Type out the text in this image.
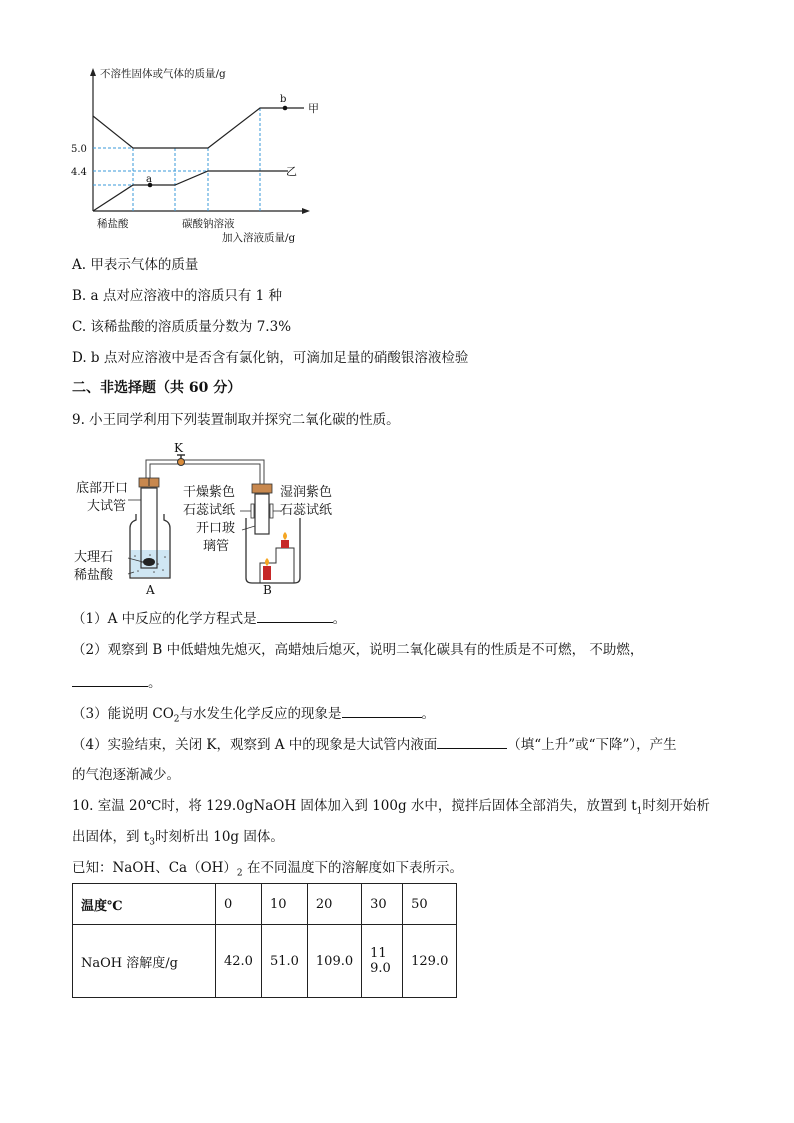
不溶性固体或气体的质量/g
a
b
甲
乙
5.0
4.4
稀盐酸	碳酸钠溶液
加入溶液质量/g
A. 甲表示气体的质量
B. a 点对应溶液中的溶质只有 1 种
C. 该稀盐酸的溶质质量分数为 7.3%
D. b 点对应溶液中是否含有氯化钠，可滴加足量的硝酸银溶液检验
二、非选择题（共 60 分）
9. 小王同学利用下列装置制取并探究二氧化碳的性质。
K
底部开口
大试管
大理石
稀盐酸
干燥紫色
石蕊试纸
开口玻
璃管
湿润紫色
石蕊试纸
A	B
（1）A 中反应的化学方程式是	。
（2）观察到 B 中低蜡烛先熄灭，高蜡烛后熄灭，说明二氧化碳具有的性质是不可燃， 不助燃，
。
（3）能说明 $CO_2$与水发生化学反应的现象是	。
（4）实验结束，关闭 K，观察到 A 中的现象是大试管内液面	（填“上升”或“下降”），产生
的气泡逐渐减少。
10. 室温 20℃时，将 129.0gNaOH 固体加入到 100g 水中，搅拌后固体全部消失，放置到 $t_1$时刻开始析
出固体，到 $t_3$时刻析出 10g 固体。
已知：NaOH、$Ca(OH)_2$ 在不同温度下的溶解度如下表所示。
温度℃	0	10	20	30	50
NaOH 溶解度/g	42.0	51.0	109.0	119.0	129.0
